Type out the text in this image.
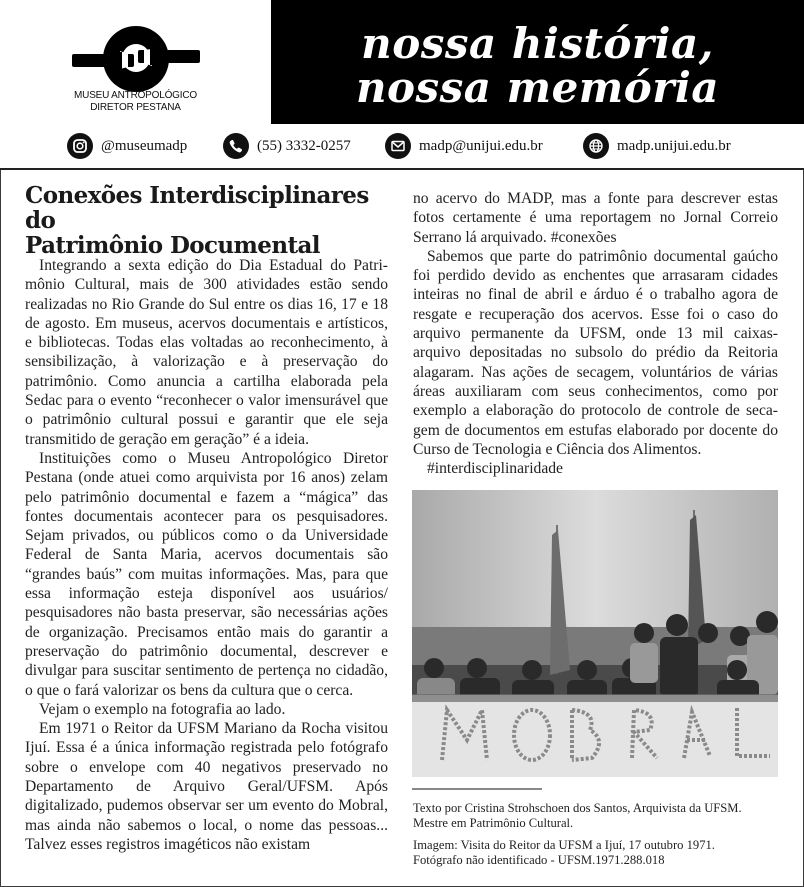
MUSEU ANTROPOLÓGICO
DIRETOR PESTANA
nossa história,
nossa memória
@museumadp	(55) 3332-0257	madp@unijui.edu.br	madp.unijui.edu.br
Conexões Interdisciplinares do
Patrimônio Documental

Integrando a sexta edição do Dia Estadual do Patrimônio Cultural, mais de 300 atividades estão sendo realizadas no Rio Grande do Sul entre os dias 16, 17 e 18 de agosto. Em museus, acervos documentais e artísticos, e bibliotecas. Todas elas voltadas ao reconhecimento, à sensibilização, à valorização e à preservação do patrimônio. Como anuncia a cartilha elaborada pela Sedac para o evento “reconhecer o valor imensurável que o patrimônio cultural possui e garantir que ele seja transmitido de geração em geração” é a ideia.

Instituições como o Museu Antropológico Diretor Pestana (onde atuei como arquivista por 16 anos) zelam pelo patrimônio documental e fazem a “mágica” das fontes documentais acontecer para os pesquisadores. Sejam privados, ou públicos como o da Universidade Federal de Santa Maria, acervos documentais são “grandes baús” com muitas informações. Mas, para que essa informação esteja disponível aos usuários/ pesquisadores não basta preservar, são necessárias ações de organização. Precisamos então mais do garantir a preservação do patrimônio documental, descrever e divulgar para suscitar sentimento de pertença no cidadão, o que o fará valorizar os bens da cultura que o cerca.

Vejam o exemplo na fotografia ao lado.

Em 1971 o Reitor da UFSM Mariano da Rocha visitou Ijuí. Essa é a única informação registrada pelo fotógrafo sobre o envelope com 40 negativos preservado no Departamento de Arquivo Geral/UFSM. Após digitalizado, pudemos observar ser um evento do Mobral, mas ainda não sabemos o local, o nome das pessoas... Talvez esses registros imagéticos não existam

no acervo do MADP, mas a fonte para descrever estas fotos certamente é uma reportagem no Jornal Correio Serrano lá arquivado. #conexões

Sabemos que parte do patrimônio documental gaúcho foi perdido devido as enchentes que arrasaram cidades inteiras no final de abril e árduo é o trabalho agora de resgate e recuperação dos acervos. Esse foi o caso do arquivo permanente da UFSM, onde 13 mil caixas-arquivo depositadas no subsolo do prédio da Reitoria alagaram. Nas ações de secagem, voluntários de várias áreas auxiliaram com seus conhecimentos, como por exemplo a elaboração do protocolo de controle de secagem de documentos em estufas elaborado por docente do Curso de Tecnologia e Ciência dos Alimentos.

#interdisciplinaridade

Texto por Cristina Strohschoen dos Santos, Arquivista da UFSM.
Mestre em Patrimônio Cultural.

Imagem: Visita do Reitor da UFSM a Ijuí, 17 outubro 1971.
Fotógrafo não identificado - UFSM.1971.288.018
